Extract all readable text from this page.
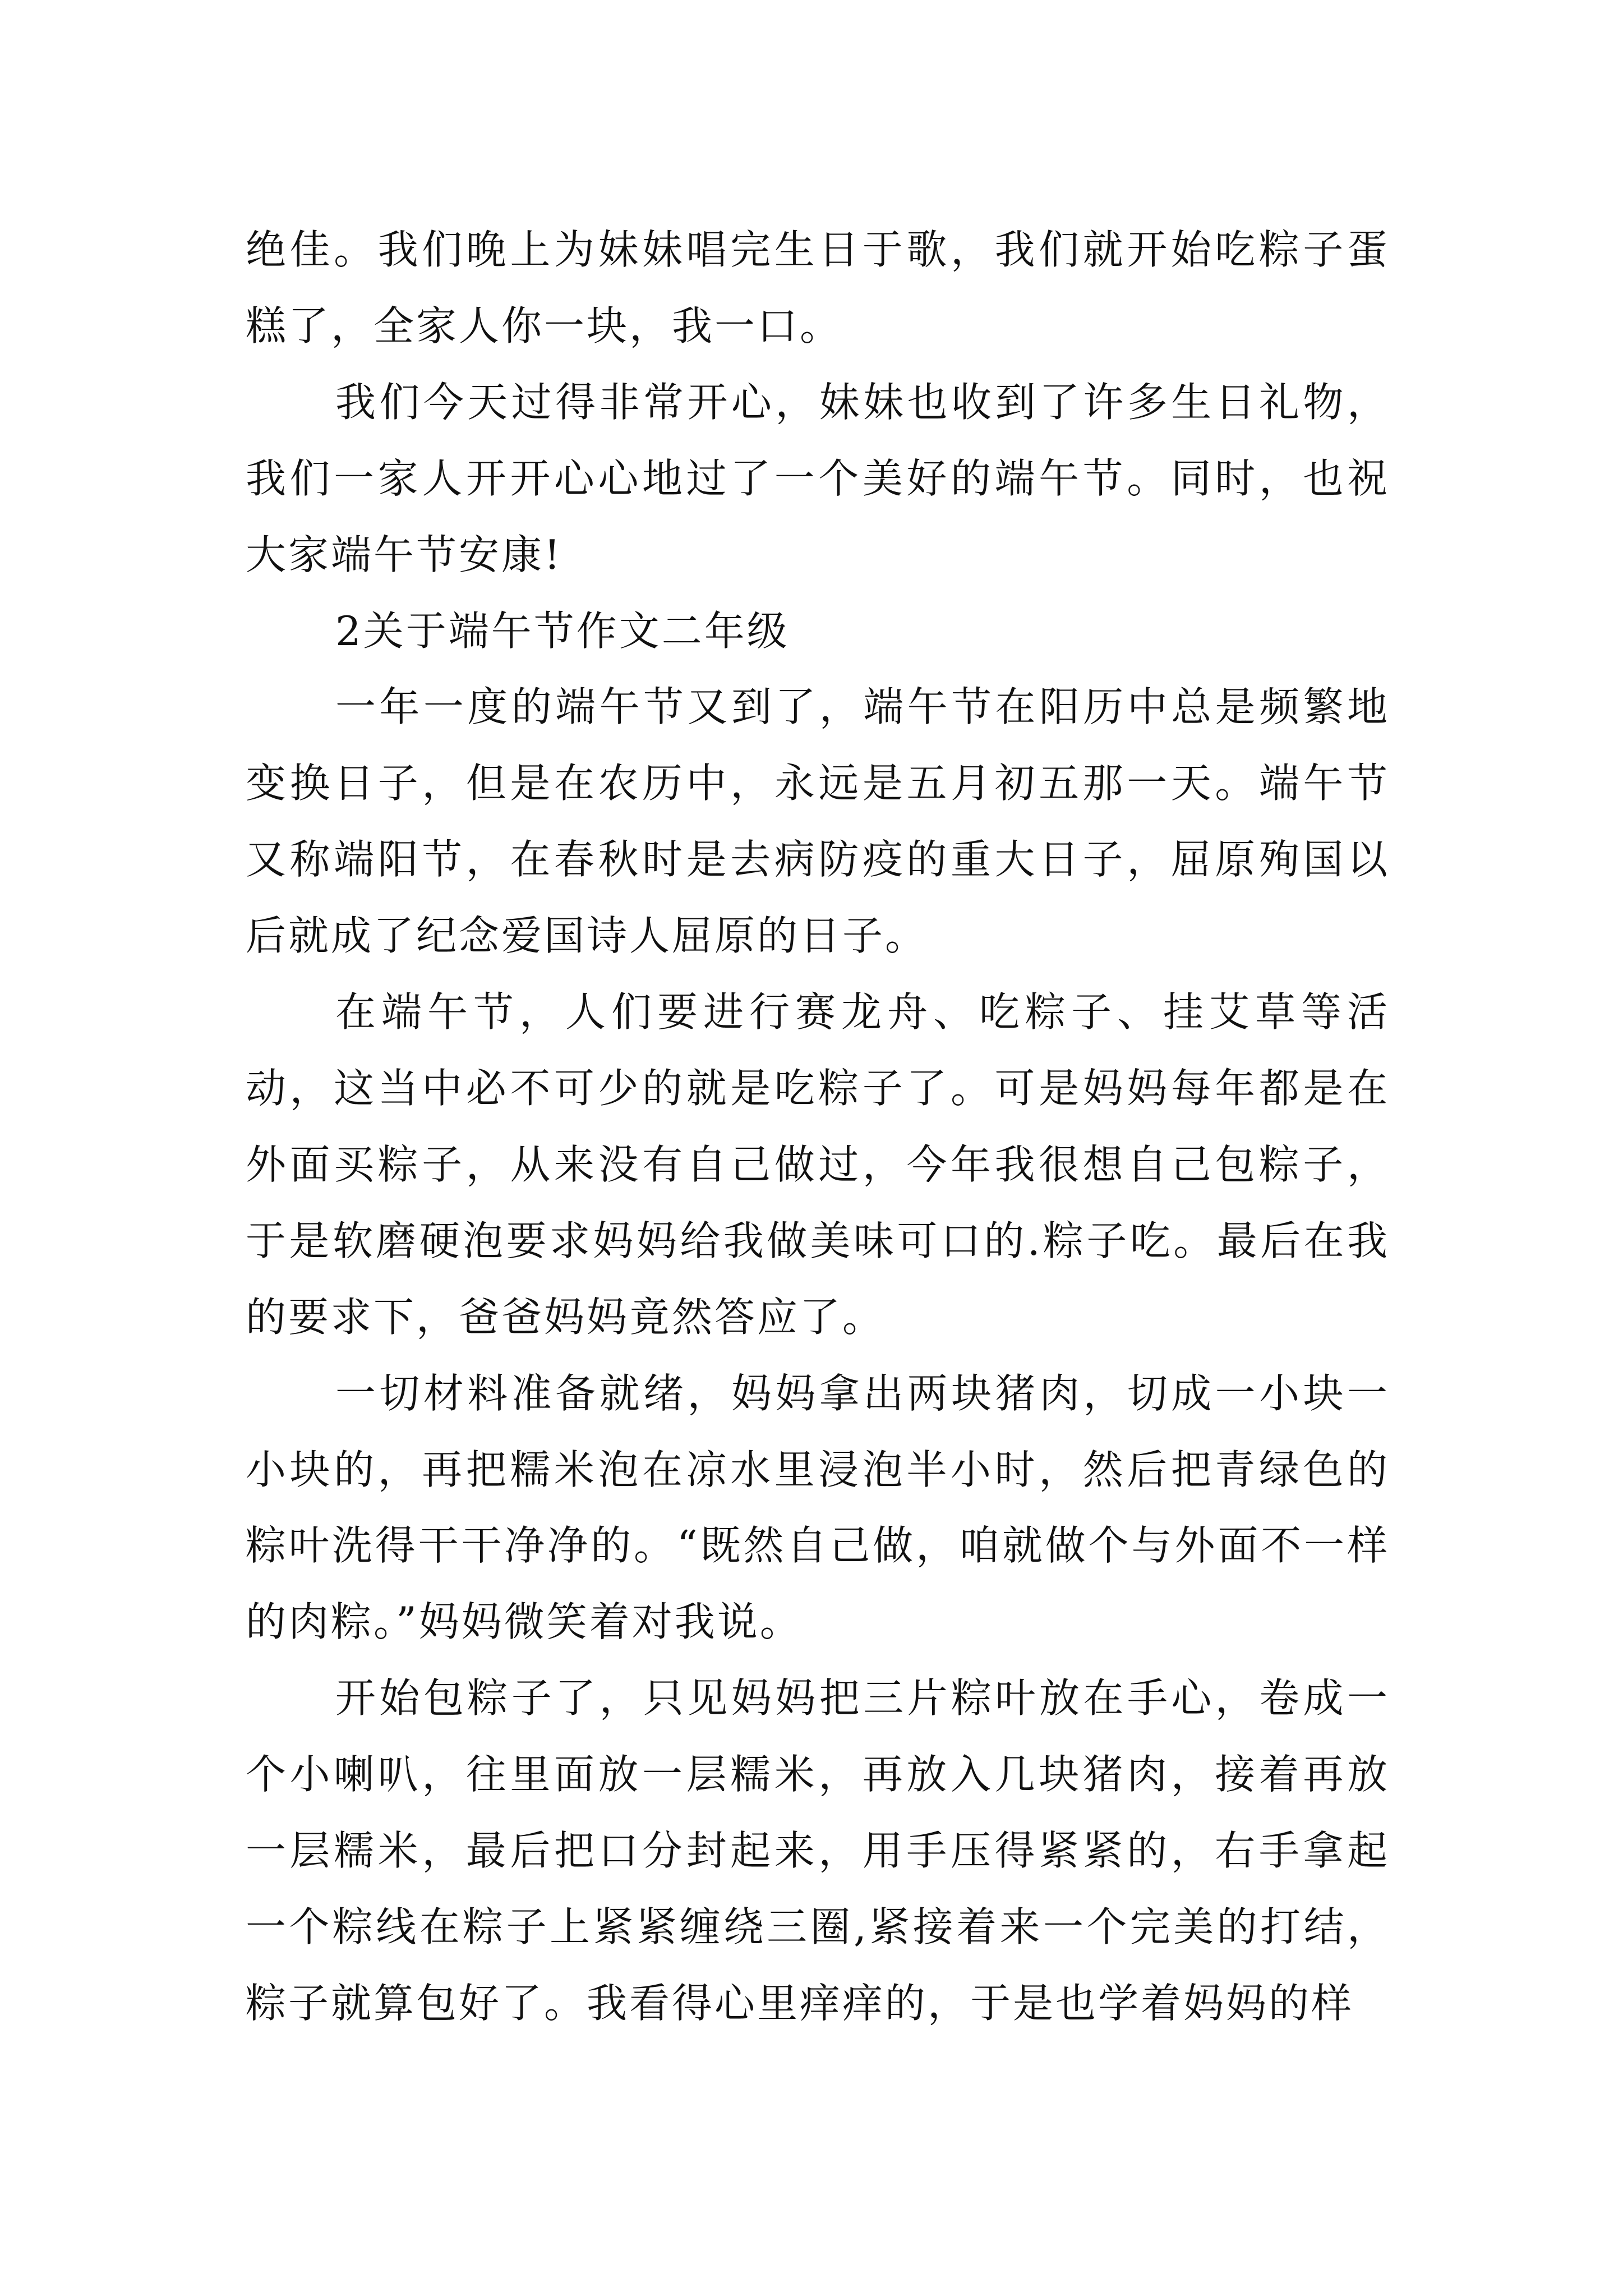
绝佳。我们晚上为妹妹唱完生日于歌，我们就开始吃粽子蛋糕了，全家人你一块，我一口。

我们今天过得非常开心，妹妹也收到了许多生日礼物，我们一家人开开心心地过了一个美好的端午节。同时，也祝大家端午节安康!

2关于端午节作文二年级

一年一度的端午节又到了，端午节在阳历中总是频繁地变换日子，但是在农历中，永远是五月初五那一天。端午节又称端阳节，在春秋时是去病防疫的重大日子，屈原殉国以后就成了纪念爱国诗人屈原的日子。

在端午节，人们要进行赛龙舟、吃粽子、挂艾草等活动，这当中必不可少的就是吃粽子了。可是妈妈每年都是在外面买粽子，从来没有自己做过，今年我很想自己包粽子，于是软磨硬泡要求妈妈给我做美味可口的.粽子吃。最后在我的要求下，爸爸妈妈竟然答应了。

一切材料准备就绪，妈妈拿出两块猪肉，切成一小块一小块的，再把糯米泡在凉水里浸泡半小时，然后把青绿色的粽叶洗得干干净净的。“既然自己做，咱就做个与外面不一样的肉粽。”妈妈微笑着对我说。

开始包粽子了，只见妈妈把三片粽叶放在手心，卷成一个小喇叭，往里面放一层糯米，再放入几块猪肉，接着再放一层糯米，最后把口分封起来，用手压得紧紧的，右手拿起一个粽线在粽子上紧紧缠绕三圈,紧接着来一个完美的打结，粽子就算包好了。我看得心里痒痒的，于是也学着妈妈的样
